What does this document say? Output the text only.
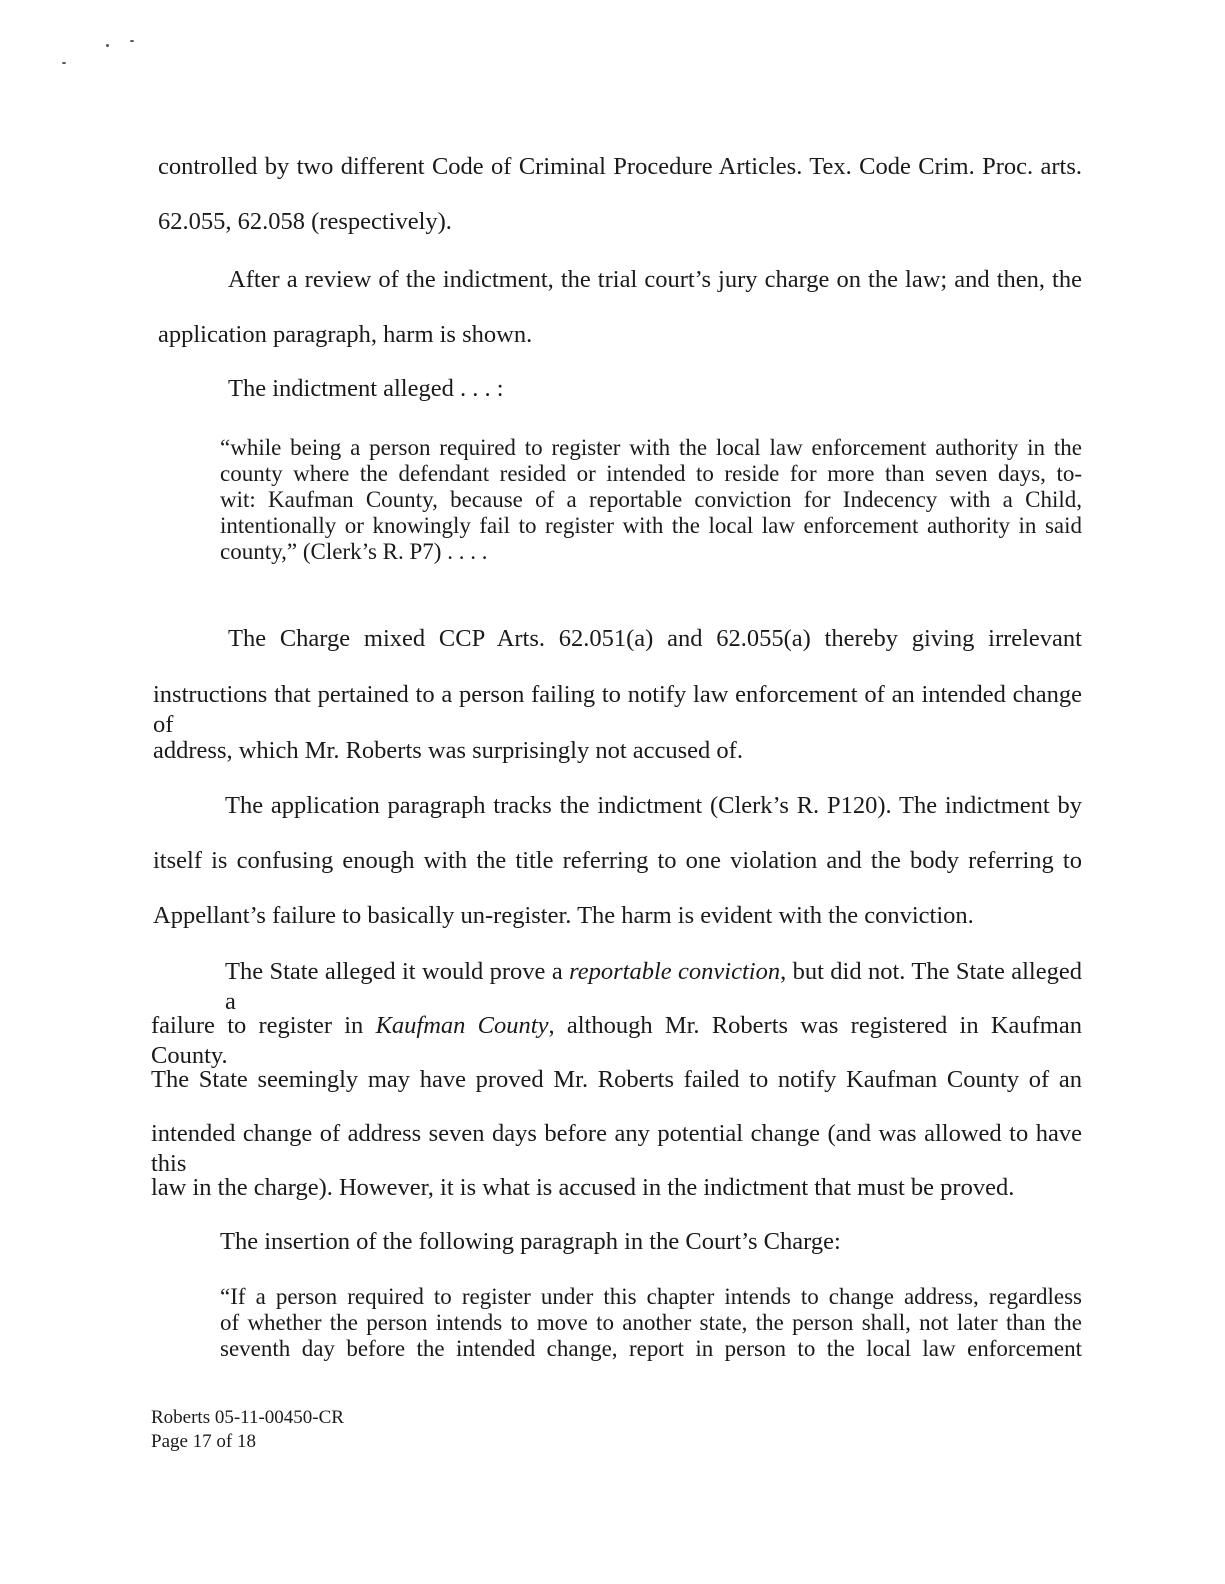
controlled by two different Code of Criminal Procedure Articles. Tex. Code Crim. Proc. arts.

62.055, 62.058 (respectively).

After a review of the indictment, the trial court’s jury charge on the law; and then, the

application paragraph, harm is shown.

The indictment alleged . . . :

“while being a person required to register with the local law enforcement authority in the
county where the defendant resided or intended to reside for more than seven days, to-
wit: Kaufman County, because of a reportable conviction for Indecency with a Child,
intentionally or knowingly fail to register with the local law enforcement authority in said
county,” (Clerk’s R. P7) . . . .

The Charge mixed CCP Arts. 62.051(a) and 62.055(a) thereby giving irrelevant

instructions that pertained to a person failing to notify law enforcement of an intended change of

address, which Mr. Roberts was surprisingly not accused of.

The application paragraph tracks the indictment (Clerk’s R. P120). The indictment by

itself is confusing enough with the title referring to one violation and the body referring to

Appellant’s failure to basically un-register. The harm is evident with the conviction.

The State alleged it would prove a reportable conviction, but did not. The State alleged a

failure to register in Kaufman County, although Mr. Roberts was registered in Kaufman County.

The State seemingly may have proved Mr. Roberts failed to notify Kaufman County of an

intended change of address seven days before any potential change (and was allowed to have this

law in the charge). However, it is what is accused in the indictment that must be proved.

The insertion of the following paragraph in the Court’s Charge:

“If a person required to register under this chapter intends to change address, regardless
of whether the person intends to move to another state, the person shall, not later than the
seventh day before the intended change, report in person to the local law enforcement
Roberts 05-11-00450-CR
Page 17 of 18
